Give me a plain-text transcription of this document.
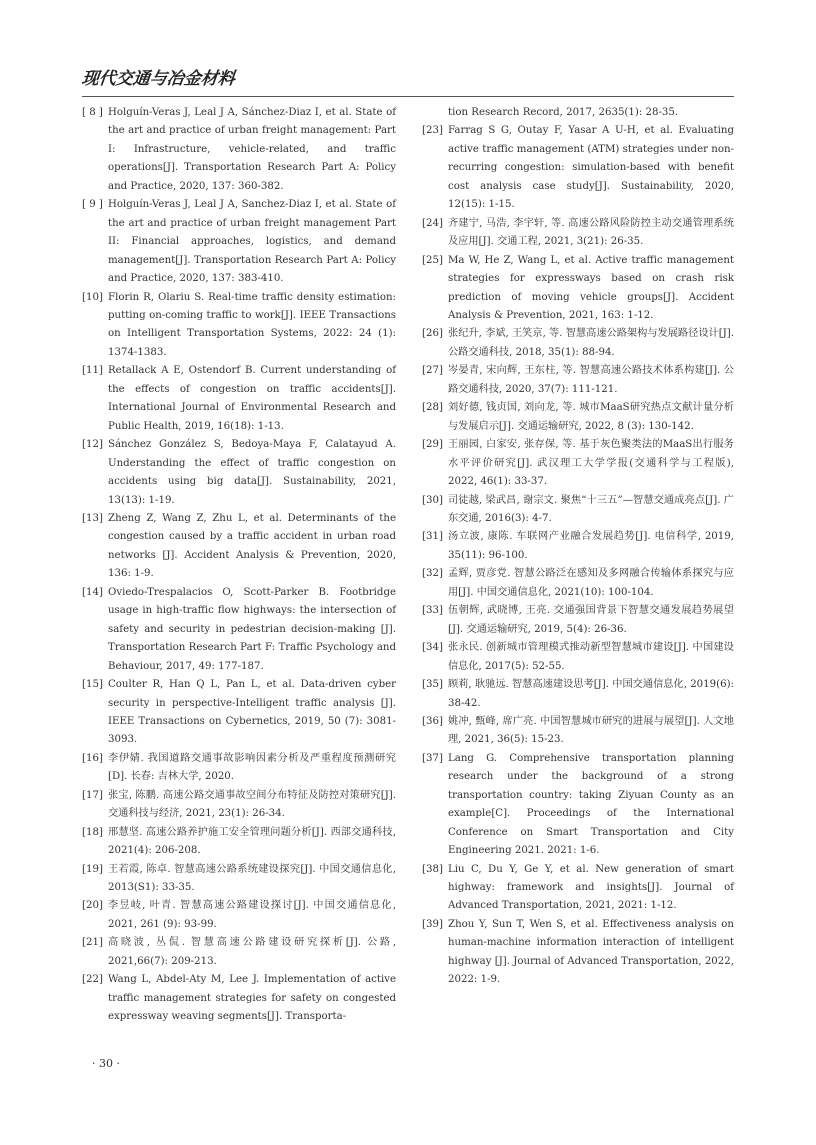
现代交通与冶金材料
[ 8 ] Holguín-Veras J, Leal J A, Sánchez-Diaz I, et al. State of the art and practice of urban freight management: Part I: Infrastructure, vehicle-related, and traffic operations[J]. Transportation Research Part A: Policy and Practice, 2020, 137: 360-382.
[ 9 ] Holguín-Veras J, Leal J A, Sanchez-Diaz I, et al. State of the art and practice of urban freight management Part II: Financial approaches, logistics, and demand management[J]. Transportation Research Part A: Policy and Practice, 2020, 137: 383-410.
[10] Florin R, Olariu S. Real-time traffic density estimation: putting on-coming traffic to work[J]. IEEE Transactions on Intelligent Transportation Systems, 2022: 24 (1): 1374-1383.
[11] Retallack A E, Ostendorf B. Current understanding of the effects of congestion on traffic accidents[J]. International Journal of Environmental Research and Public Health, 2019, 16(18): 1-13.
[12] Sánchez González S, Bedoya-Maya F, Calatayud A. Understanding the effect of traffic congestion on accidents using big data[J]. Sustainability, 2021, 13(13): 1-19.
[13] Zheng Z, Wang Z, Zhu L, et al. Determinants of the congestion caused by a traffic accident in urban road networks [J]. Accident Analysis & Prevention, 2020, 136: 1-9.
[14] Oviedo-Trespalacios O, Scott-Parker B. Footbridge usage in high-traffic flow highways: the intersection of safety and security in pedestrian decision-making [J]. Transportation Research Part F: Traffic Psychology and Behaviour, 2017, 49: 177-187.
[15] Coulter R, Han Q L, Pan L, et al. Data-driven cyber security in perspective-Intelligent traffic analysis [J]. IEEE Transactions on Cybernetics, 2019, 50 (7): 3081-3093.
[16] 李伊婧. 我国道路交通事故影响因素分析及严重程度预测研究[D]. 长春: 吉林大学, 2020.
[17] 张宝, 陈鹏. 高速公路交通事故空间分布特征及防控对策研究[J]. 交通科技与经济, 2021, 23(1): 26-34.
[18] 邢慧坚. 高速公路养护施工安全管理问题分析[J]. 西部交通科技, 2021(4): 206-208.
[19] 王若霞, 陈卓. 智慧高速公路系统建设探究[J]. 中国交通信息化, 2013(S1): 33-35.
[20] 李昱岐, 叶青. 智慧高速公路建设探讨[J]. 中国交通信息化, 2021, 261 (9): 93-99.
[21] 高晓波, 丛侃. 智慧高速公路建设研究探析[J]. 公路, 2021,66(7): 209-213.
[22] Wang L, Abdel-Aty M, Lee J. Implementation of active traffic management strategies for safety on congested expressway weaving segments[J]. Transporta-
tion Research Record, 2017, 2635(1): 28-35.
[23] Farrag S G, Outay F, Yasar A U-H, et al. Evaluating active traffic management (ATM) strategies under non-recurring congestion: simulation-based with benefit cost analysis case study[J]. Sustainability, 2020, 12(15): 1-15.
[24] 齐建宁, 马浩, 李宇轩, 等. 高速公路风险防控主动交通管理系统及应用[J]. 交通工程, 2021, 3(21): 26-35.
[25] Ma W, He Z, Wang L, et al. Active traffic management strategies for expressways based on crash risk prediction of moving vehicle groups[J]. Accident Analysis & Prevention, 2021, 163: 1-12.
[26] 张纪升, 李斌, 王笑京, 等. 智慧高速公路架构与发展路径设计[J]. 公路交通科技, 2018, 35(1): 88-94.
[27] 岑晏青, 宋向辉, 王东柱, 等. 智慧高速公路技术体系构建[J]. 公路交通科技, 2020, 37(7): 111-121.
[28] 刘好德, 钱贞国, 刘向龙, 等. 城市MaaS研究热点文献计量分析与发展启示[J]. 交通运输研究, 2022, 8 (3): 130-142.
[29] 王丽园, 白家安, 张存保, 等. 基于灰色聚类法的MaaS出行服务水平评价研究[J]. 武汉理工大学学报(交通科学与工程版), 2022, 46(1): 33-37.
[30] 司徒越, 梁武昌, 谢宗文. 聚焦“十三五”—智慧交通成亮点[J]. 广东交通, 2016(3): 4-7.
[31] 汤立波, 康陈. 车联网产业融合发展趋势[J]. 电信科学, 2019, 35(11): 96-100.
[32] 孟辉, 贾彦党. 智慧公路泛在感知及多网融合传输体系探究与应用[J]. 中国交通信息化, 2021(10): 100-104.
[33] 伍朝辉, 武晓博, 王亮. 交通强国背景下智慧交通发展趋势展望[J]. 交通运输研究, 2019, 5(4): 26-36.
[34] 张永民. 创新城市管理模式推动新型智慧城市建设[J]. 中国建设信息化, 2017(5): 52-55.
[35] 顾莉, 耿驰远. 智慧高速建设思考[J]. 中国交通信息化, 2019(6): 38-42.
[36] 姚冲, 甄峰, 席广亮. 中国智慧城市研究的进展与展望[J]. 人文地理, 2021, 36(5): 15-23.
[37] Lang G. Comprehensive transportation planning research under the background of a strong transportation country: taking Ziyuan County as an example[C]. Proceedings of the International Conference on Smart Transportation and City Engineering 2021. 2021: 1-6.
[38] Liu C, Du Y, Ge Y, et al. New generation of smart highway: framework and insights[J]. Journal of Advanced Transportation, 2021, 2021: 1-12.
[39] Zhou Y, Sun T, Wen S, et al. Effectiveness analysis on human-machine information interaction of intelligent highway [J]. Journal of Advanced Transportation, 2022, 2022: 1-9.
· 30 ·
